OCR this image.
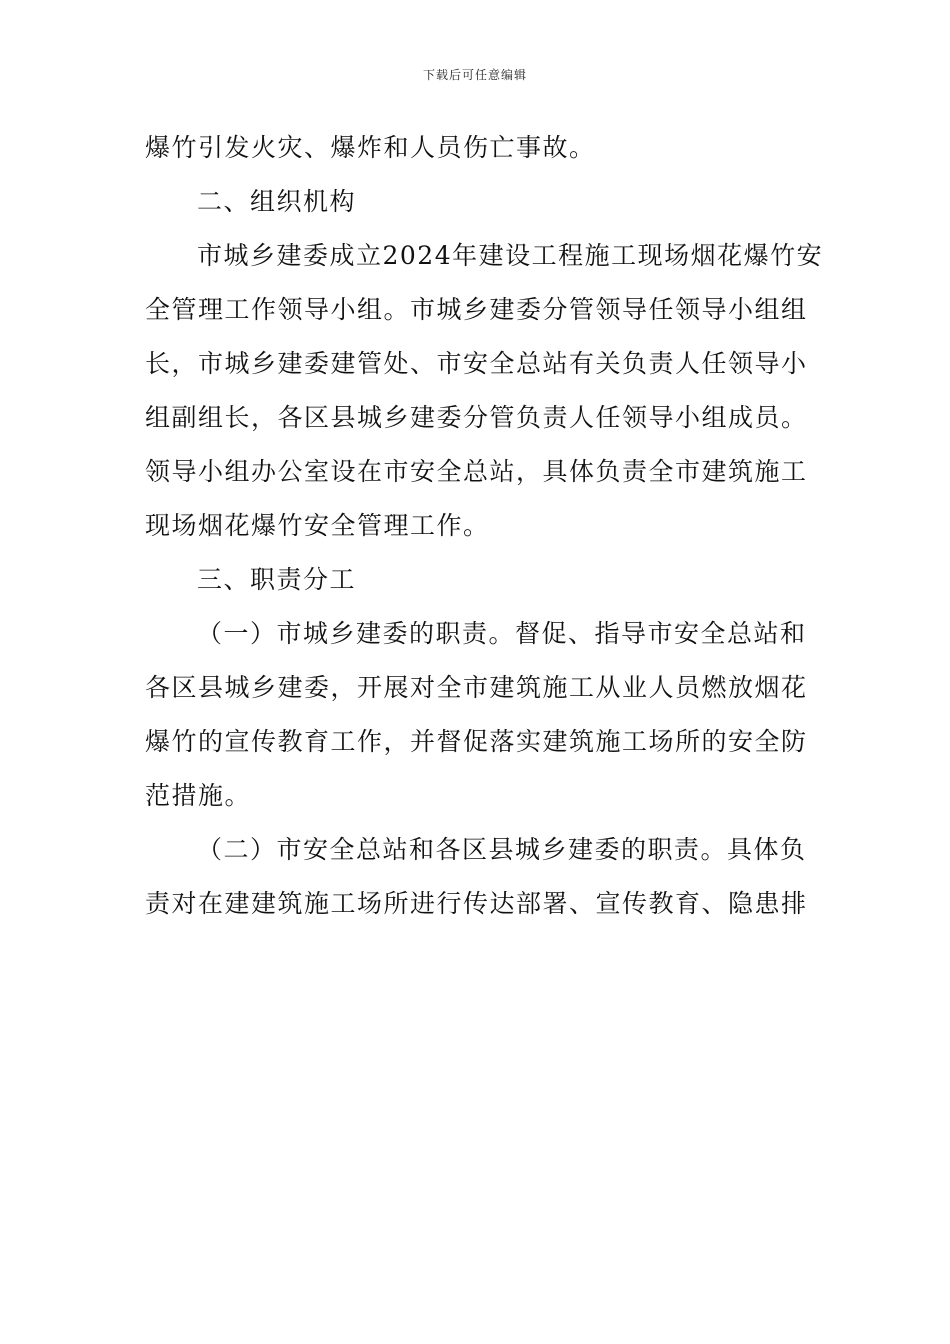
下载后可任意编辑
爆竹引发火灾、爆炸和人员伤亡事故。
二、组织机构
市城乡建委成立2024年建设工程施工现场烟花爆竹安
全管理工作领导小组。市城乡建委分管领导任领导小组组
长，市城乡建委建管处、市安全总站有关负责人任领导小
组副组长，各区县城乡建委分管负责人任领导小组成员。
领导小组办公室设在市安全总站，具体负责全市建筑施工
现场烟花爆竹安全管理工作。
三、职责分工
（一）市城乡建委的职责。督促、指导市安全总站和
各区县城乡建委，开展对全市建筑施工从业人员燃放烟花
爆竹的宣传教育工作，并督促落实建筑施工场所的安全防
范措施。
（二）市安全总站和各区县城乡建委的职责。具体负
责对在建建筑施工场所进行传达部署、宣传教育、隐患排
